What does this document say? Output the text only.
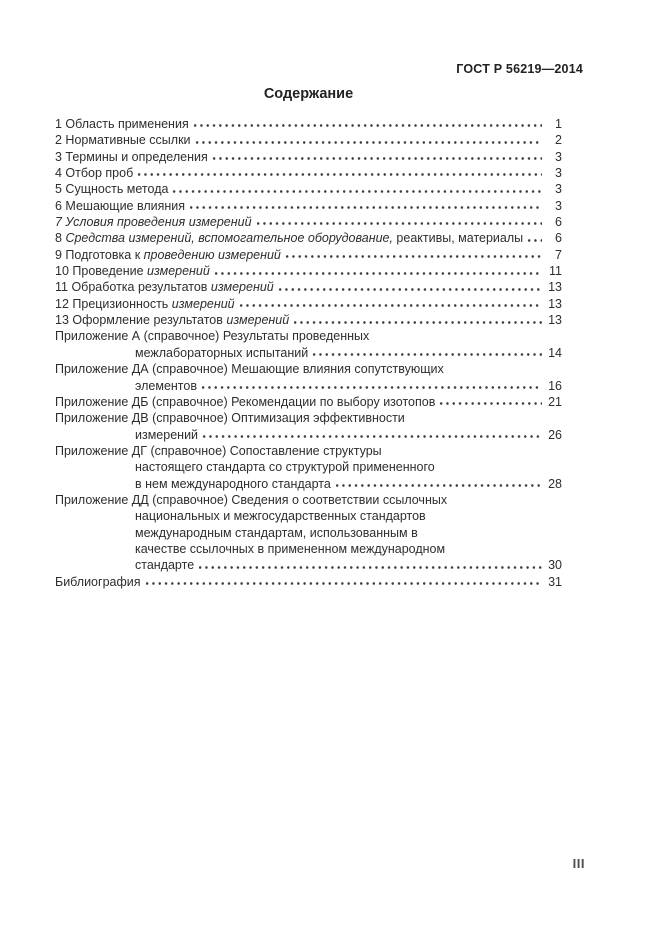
ГОСТ Р 56219—2014
Содержание
1 Область применения	1
2 Нормативные ссылки	2
3 Термины и определения	3
4 Отбор проб	3
5 Сущность метода	3
6 Мешающие влияния	3
7 Условия проведения измерений	6
8 Средства измерений, вспомогательное оборудование, реактивы, материалы	6
9 Подготовка к проведению измерений	7
10 Проведение измерений	11
11 Обработка результатов измерений	13
12 Прецизионность измерений	13
13 Оформление результатов измерений	13
Приложение А (справочное) Результаты проведенных
межлабораторных испытаний	14
Приложение ДА (справочное) Мешающие влияния сопутствующих
элементов	16
Приложение ДБ (справочное) Рекомендации по выбору изотопов	21
Приложение ДВ (справочное) Оптимизация эффективности
измерений	26
Приложение ДГ (справочное) Сопоставление структуры
настоящего стандарта со структурой примененного
в нем международного стандарта	28
Приложение ДД (справочное) Сведения о соответствии ссылочных
национальных и межгосударственных стандартов
международным стандартам, использованным в
качестве ссылочных в примененном международном
стандарте	30
Библиография	31
III
